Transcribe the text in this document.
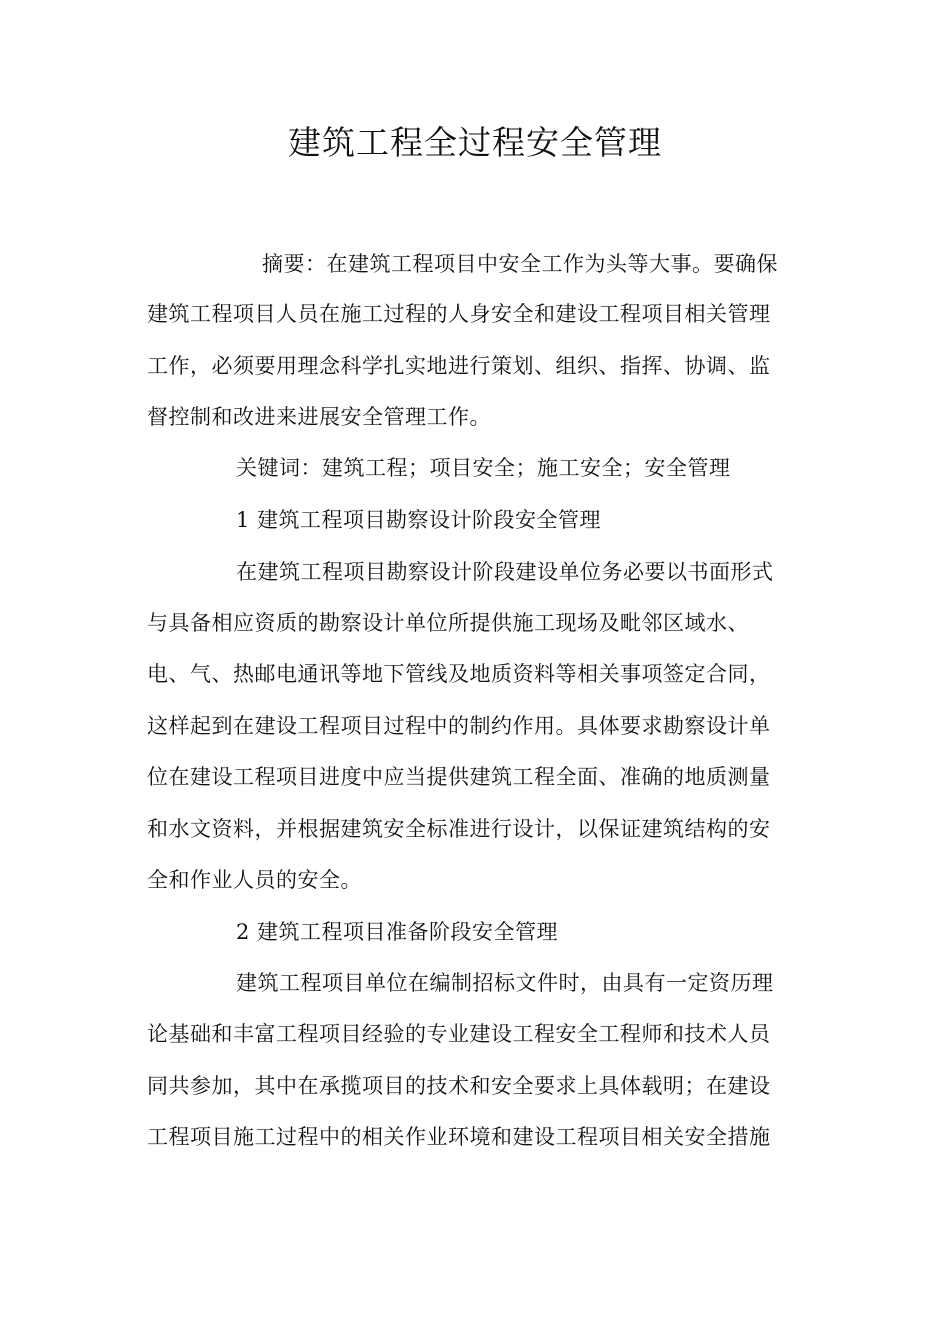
建筑工程全过程安全管理

摘要：在建筑工程项目中安全工作为头等大事。要确保

建筑工程项目人员在施工过程的人身安全和建设工程项目相关管理

工作，必须要用理念科学扎实地进行策划、组织、指挥、协调、监

督控制和改进来进展安全管理工作。

关键词：建筑工程；项目安全；施工安全；安全管理

1 建筑工程项目勘察设计阶段安全管理

在建筑工程项目勘察设计阶段建设单位务必要以书面形式

与具备相应资质的勘察设计单位所提供施工现场及毗邻区域水、

电、气、热邮电通讯等地下管线及地质资料等相关事项签定合同，

这样起到在建设工程项目过程中的制约作用。具体要求勘察设计单

位在建设工程项目进度中应当提供建筑工程全面、准确的地质测量

和水文资料，并根据建筑安全标准进行设计，以保证建筑结构的安

全和作业人员的安全。

2 建筑工程项目准备阶段安全管理

建筑工程项目单位在编制招标文件时，由具有一定资历理

论基础和丰富工程项目经验的专业建设工程安全工程师和技术人员

同共参加，其中在承揽项目的技术和安全要求上具体载明；在建设

工程项目施工过程中的相关作业环境和建设工程项目相关安全措施
